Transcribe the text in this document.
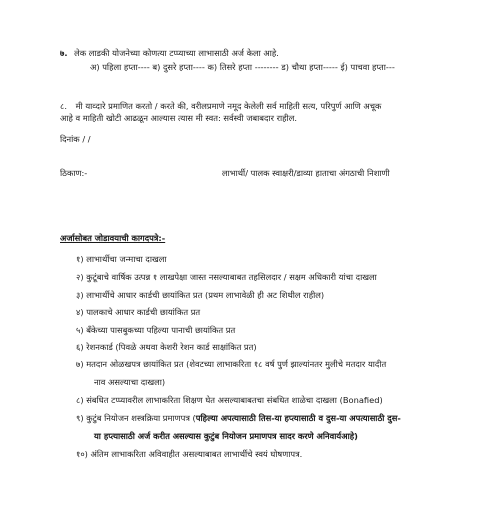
७. लेक लाडकी योजनेच्या कोणत्या टप्प्याच्या लाभासाठी अर्ज केला आहे.
अ) पहिला हप्ता---- ब) दुसरे हप्ता---- क) तिसरे हप्ता -------- ड) चौथा हप्ता----- ई) पाचवा हप्ता---
८. मी याव्दारे प्रमाणित करतो / करते की, वरीलप्रमाणे नमूद केलेली सर्व माहिती सत्य, परिपुर्ण आणि अचूक
आहे व माहिती खोटी आढळून आल्यास त्यास मी स्वत: सर्वस्वी जबाबदार राहील.
दिनांक / /
ठिकाण:-	लाभार्थी/ पालक स्वाक्षरी/डाव्या हाताचा अंगठाची निशाणी
अर्जासोबत जोडावयाची कागदपत्रे:-
१) लाभार्थीचा जन्माचा दाखला
२) कुटूंबाचे वार्षिक उत्पन्न १ लाखपेक्षा जास्त नसल्याबाबत तहसिलदार / सक्षम अधिकारी यांचा दाखला
३) लाभार्थीचे आधार कार्डची छायांकित प्रत (प्रथम लाभावेळी ही अट शिथील राहील)
४) पालकाचे आधार कार्डची छायांकित प्रत
५) बँकेच्या पासबुकच्या पहिल्या पानाची छायांकित प्रत
६) रेशनकार्ड (पिवळे अथवा केशरी रेशन कार्ड साक्षांकित प्रत)
७) मतदान ओळखपत्र छायांकित प्रत (शेवटच्या लाभाकरिता १८ वर्ष पुर्ण झाल्यांनतर मुलीचे मतदार यादीत
नाव असल्याचा दाखला)
८) संबधित टप्प्यावरील लाभाकरिता शिक्षण घेत असल्याबाबतचा संबधित शाळेचा दाखला (Bonafied)
९) कुटुंब नियोजन शस्त्रक्रिया प्रमाणपत्र (पहिल्या अपत्यासाठी तिस-या हप्त्यासाठी व दुस-या अपत्यासाठी दुस-
या हप्त्यासाठी अर्ज करीत असल्यास कुटुंब नियोजन प्रमाणपत्र सादर करणे अनिवार्यआहे)
१०) अंतिम लाभाकरिता अविवाहीत असल्याबाबत लाभार्थीचे स्वयं घोषणापत्र.
